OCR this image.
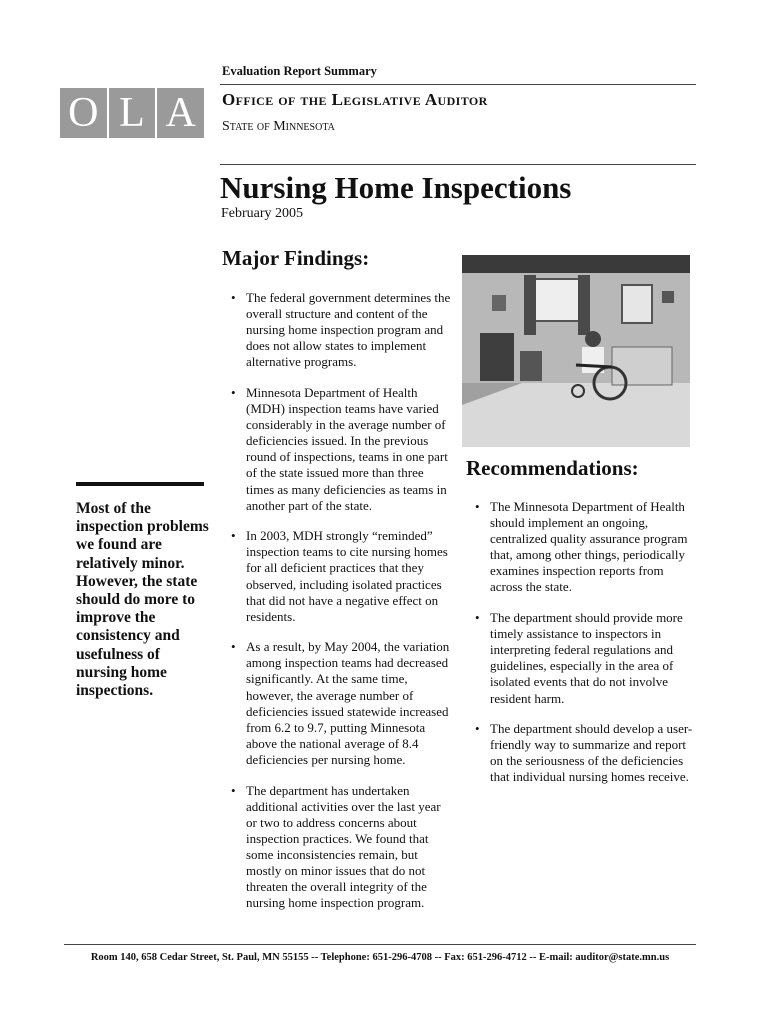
Evaluation Report Summary
O L A	Office of the Legislative Auditor
State of Minnesota
Nursing Home Inspections
February 2005
Major Findings:
• The federal government determines the overall structure and content of the nursing home inspection program and does not allow states to implement alternative programs.
• Minnesota Department of Health (MDH) inspection teams have varied considerably in the average number of deficiencies issued. In the previous round of inspections, teams in one part of the state issued more than three times as many deficiencies as teams in another part of the state.
• In 2003, MDH strongly “reminded” inspection teams to cite nursing homes for all deficient practices that they observed, including isolated practices that did not have a negative effect on residents.
• As a result, by May 2004, the variation among inspection teams had decreased significantly. At the same time, however, the average number of deficiencies issued statewide increased from 6.2 to 9.7, putting Minnesota above the national average of 8.4 deficiencies per nursing home.
• The department has undertaken additional activities over the last year or two to address concerns about inspection practices. We found that some inconsistencies remain, but mostly on minor issues that do not threaten the overall integrity of the nursing home inspection program.
Most of the inspection problems we found are relatively minor. However, the state should do more to improve the consistency and usefulness of nursing home inspections.
Recommendations:
• The Minnesota Department of Health should implement an ongoing, centralized quality assurance program that, among other things, periodically examines inspection reports from across the state.
• The department should provide more timely assistance to inspectors in interpreting federal regulations and guidelines, especially in the area of isolated events that do not involve resident harm.
• The department should develop a user-friendly way to summarize and report on the seriousness of the deficiencies that individual nursing homes receive.
Room 140, 658 Cedar Street, St. Paul, MN 55155 -- Telephone: 651-296-4708 -- Fax: 651-296-4712 -- E-mail: auditor@state.mn.us
